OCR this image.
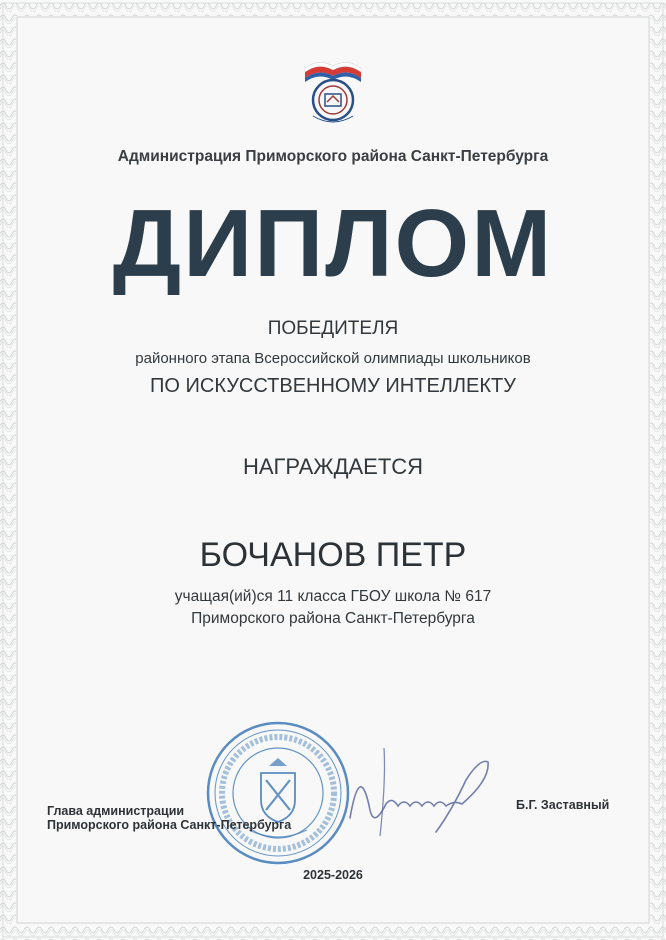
Администрация Приморского района Санкт-Петербурга
ДИПЛОМ
ПОБЕДИТЕЛЯ
районного этапа Всероссийской олимпиады школьников
ПО ИСКУССТВЕННОМУ ИНТЕЛЛЕКТУ
НАГРАЖДАЕТСЯ
БОЧАНОВ ПЕТР
учащая(ий)ся 11 класса ГБОУ школа № 617
Приморского района Санкт-Петербурга
Глава администрации
Приморского района Санкт-Петербурга
Б.Г. Заставный
2025-2026
